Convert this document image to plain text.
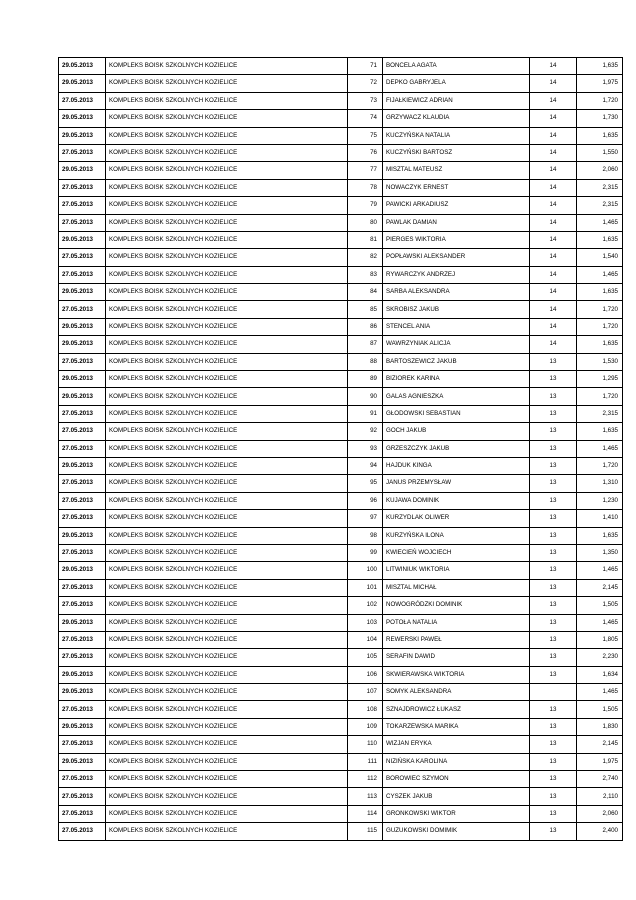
29.05.2013	KOMPLEKS BOISK SZKOLNYCH KOZIELICE	71	BONCELA AGATA	14	1,635
29.05.2013	KOMPLEKS BOISK SZKOLNYCH KOZIELICE	72	DEPKO GABRYJELA	14	1,975
27.05.2013	KOMPLEKS BOISK SZKOLNYCH KOZIELICE	73	FIJAŁKIEWICZ ADRIAN	14	1,720
29.05.2013	KOMPLEKS BOISK SZKOLNYCH KOZIELICE	74	GRZYWACZ KLAUDIA	14	1,730
29.05.2013	KOMPLEKS BOISK SZKOLNYCH KOZIELICE	75	KUCZYŃSKA NATALIA	14	1,635
27.05.2013	KOMPLEKS BOISK SZKOLNYCH KOZIELICE	76	KUCZYŃSKI BARTOSZ	14	1,550
29.05.2013	KOMPLEKS BOISK SZKOLNYCH KOZIELICE	77	MISZTAL MATEUSZ	14	2,060
27.05.2013	KOMPLEKS BOISK SZKOLNYCH KOZIELICE	78	NOWACZYK ERNEST	14	2,315
27.05.2013	KOMPLEKS BOISK SZKOLNYCH KOZIELICE	79	PAWICKI ARKADIUSZ	14	2,315
27.05.2013	KOMPLEKS BOISK SZKOLNYCH KOZIELICE	80	PAWLAK DAMIAN	14	1,465
29.05.2013	KOMPLEKS BOISK SZKOLNYCH KOZIELICE	81	PIERGES WIKTORIA	14	1,635
27.05.2013	KOMPLEKS BOISK SZKOLNYCH KOZIELICE	82	POPŁAWSKI ALEKSANDER	14	1,540
27.05.2013	KOMPLEKS BOISK SZKOLNYCH KOZIELICE	83	RYWARCZYK ANDRZEJ	14	1,465
29.05.2013	KOMPLEKS BOISK SZKOLNYCH KOZIELICE	84	SARBA ALEKSANDRA	14	1,635
27.05.2013	KOMPLEKS BOISK SZKOLNYCH KOZIELICE	85	SKROBISZ JAKUB	14	1,720
29.05.2013	KOMPLEKS BOISK SZKOLNYCH KOZIELICE	86	STENCEL ANIA	14	1,720
29.05.2013	KOMPLEKS BOISK SZKOLNYCH KOZIELICE	87	WAWRZYNIAK ALICJA	14	1,635
27.05.2013	KOMPLEKS BOISK SZKOLNYCH KOZIELICE	88	BARTOSZEWICZ JAKUB	13	1,530
29.05.2013	KOMPLEKS BOISK SZKOLNYCH KOZIELICE	89	BIZIOREK KARINA	13	1,295
29.05.2013	KOMPLEKS BOISK SZKOLNYCH KOZIELICE	90	GALAS AGNIESZKA	13	1,720
27.05.2013	KOMPLEKS BOISK SZKOLNYCH KOZIELICE	91	GŁODOWSKI SEBASTIAN	13	2,315
27.05.2013	KOMPLEKS BOISK SZKOLNYCH KOZIELICE	92	GOCH JAKUB	13	1,635
27.05.2013	KOMPLEKS BOISK SZKOLNYCH KOZIELICE	93	GRZESZCZYK JAKUB	13	1,465
29.05.2013	KOMPLEKS BOISK SZKOLNYCH KOZIELICE	94	HAJDUK KINGA	13	1,720
27.05.2013	KOMPLEKS BOISK SZKOLNYCH KOZIELICE	95	JANUS PRZEMYSŁAW	13	1,310
27.05.2013	KOMPLEKS BOISK SZKOLNYCH KOZIELICE	96	KUJAWA DOMINIK	13	1,230
27.05.2013	KOMPLEKS BOISK SZKOLNYCH KOZIELICE	97	KURZYDLAK OLIWER	13	1,410
29.05.2013	KOMPLEKS BOISK SZKOLNYCH KOZIELICE	98	KURZYŃSKA ILONA	13	1,635
27.05.2013	KOMPLEKS BOISK SZKOLNYCH KOZIELICE	99	KWIECIEŃ WOJCIECH	13	1,350
29.05.2013	KOMPLEKS BOISK SZKOLNYCH KOZIELICE	100	LITWINIUK WIKTORIA	13	1,465
27.05.2013	KOMPLEKS BOISK SZKOLNYCH KOZIELICE	101	MISZTAL MICHAŁ	13	2,145
27.05.2013	KOMPLEKS BOISK SZKOLNYCH KOZIELICE	102	NOWOGRÓDZKI DOMINIK	13	1,505
29.05.2013	KOMPLEKS BOISK SZKOLNYCH KOZIELICE	103	POTOŁA NATALIA	13	1,465
27.05.2013	KOMPLEKS BOISK SZKOLNYCH KOZIELICE	104	REWERSKI PAWEŁ	13	1,805
27.05.2013	KOMPLEKS BOISK SZKOLNYCH KOZIELICE	105	SERAFIN DAWID	13	2,230
29.05.2013	KOMPLEKS BOISK SZKOLNYCH KOZIELICE	106	SKWIERAWSKA WIKTORIA	13	1,634
29.05.2013	KOMPLEKS BOISK SZKOLNYCH KOZIELICE	107	SOMYK ALEKSANDRA		1,465
27.05.2013	KOMPLEKS BOISK SZKOLNYCH KOZIELICE	108	SZNAJDROWICZ ŁUKASZ	13	1,505
29.05.2013	KOMPLEKS BOISK SZKOLNYCH KOZIELICE	109	TOKARZEWSKA MARIKA	13	1,830
27.05.2013	KOMPLEKS BOISK SZKOLNYCH KOZIELICE	110	WIZJAN ERYKA	13	2,145
29.05.2013	KOMPLEKS BOISK SZKOLNYCH KOZIELICE	111	NIZIŃSKA KAROLINA	13	1,975
27.05.2013	KOMPLEKS BOISK SZKOLNYCH KOZIELICE	112	BOROWIEC SZYMON	13	2,740
27.05.2013	KOMPLEKS BOISK SZKOLNYCH KOZIELICE	113	CYSZEK JAKUB	13	2,110
27.05.2013	KOMPLEKS BOISK SZKOLNYCH KOZIELICE	114	GRONKOWSKI WIKTOR	13	2,060
27.05.2013	KOMPLEKS BOISK SZKOLNYCH KOZIELICE	115	GUZUKOWSKI DOMIMIK	13	2,400
